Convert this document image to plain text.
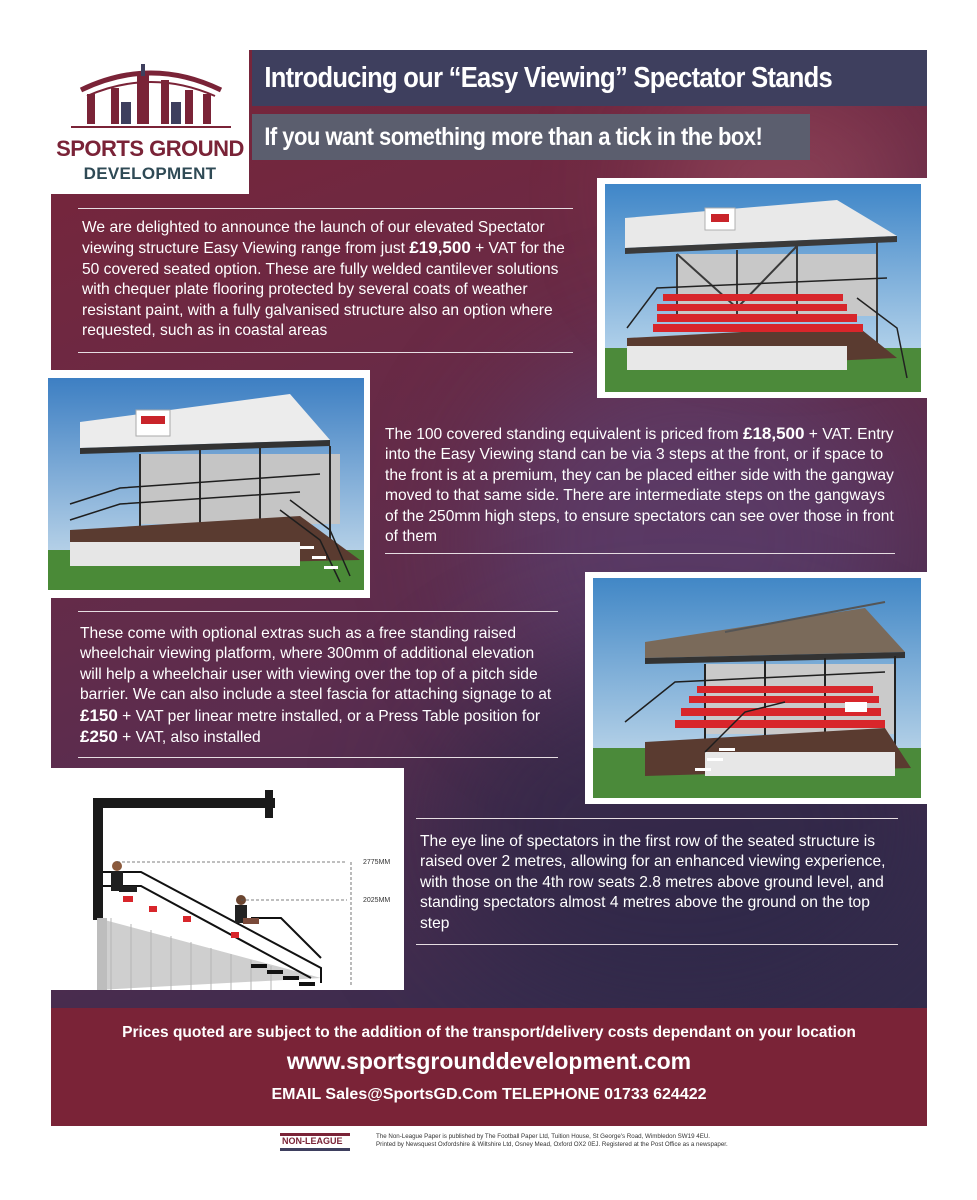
SPORTS GROUND
DEVELOPMENT
Introducing our “Easy Viewing” Spectator Stands
If you want something more than a tick in the box!
We are delighted to announce the launch of our elevated Spectator viewing structure Easy Viewing range from just £19,500 + VAT for the 50 covered seated option. These are fully welded cantilever solutions with chequer plate flooring protected by several coats of weather resistant paint, with a fully galvanised structure also an option where requested, such as in coastal areas
The 100 covered standing equivalent is priced from £18,500 + VAT. Entry into the Easy Viewing stand can be via 3 steps at the front, or if space to the front is at a premium, they can be placed either side with the gangway moved to that same side. There are intermediate steps on the gangways of the 250mm high steps, to ensure spectators can see over those in front of them
These come with optional extras such as a free standing raised wheelchair viewing platform, where 300mm of additional elevation will help a wheelchair user with viewing over the top of a pitch side barrier. We can also include a steel fascia for attaching signage to at £150 + VAT per linear metre installed, or a Press Table position for £250 + VAT, also installed
2775MM
2025MM
The eye line of spectators in the first row of the seated structure is raised over 2 metres, allowing for an enhanced viewing experience, with those on the 4th row seats 2.8 metres above ground level, and standing spectators almost 4 metres above the ground on the top step
Prices quoted are subject to the addition of the transport/delivery costs dependant on your location
www.sportsgrounddevelopment.com
EMAIL Sales@SportsGD.Com TELEPHONE 01733 624422
NON-LEAGUE	The Non-League Paper is published by The Football Paper Ltd, Tuition House, St George's Road, Wimbledon SW19 4EU.
Printed by Newsquest Oxfordshire & Wiltshire Ltd, Osney Mead, Oxford OX2 0EJ. Registered at the Post Office as a newspaper.
